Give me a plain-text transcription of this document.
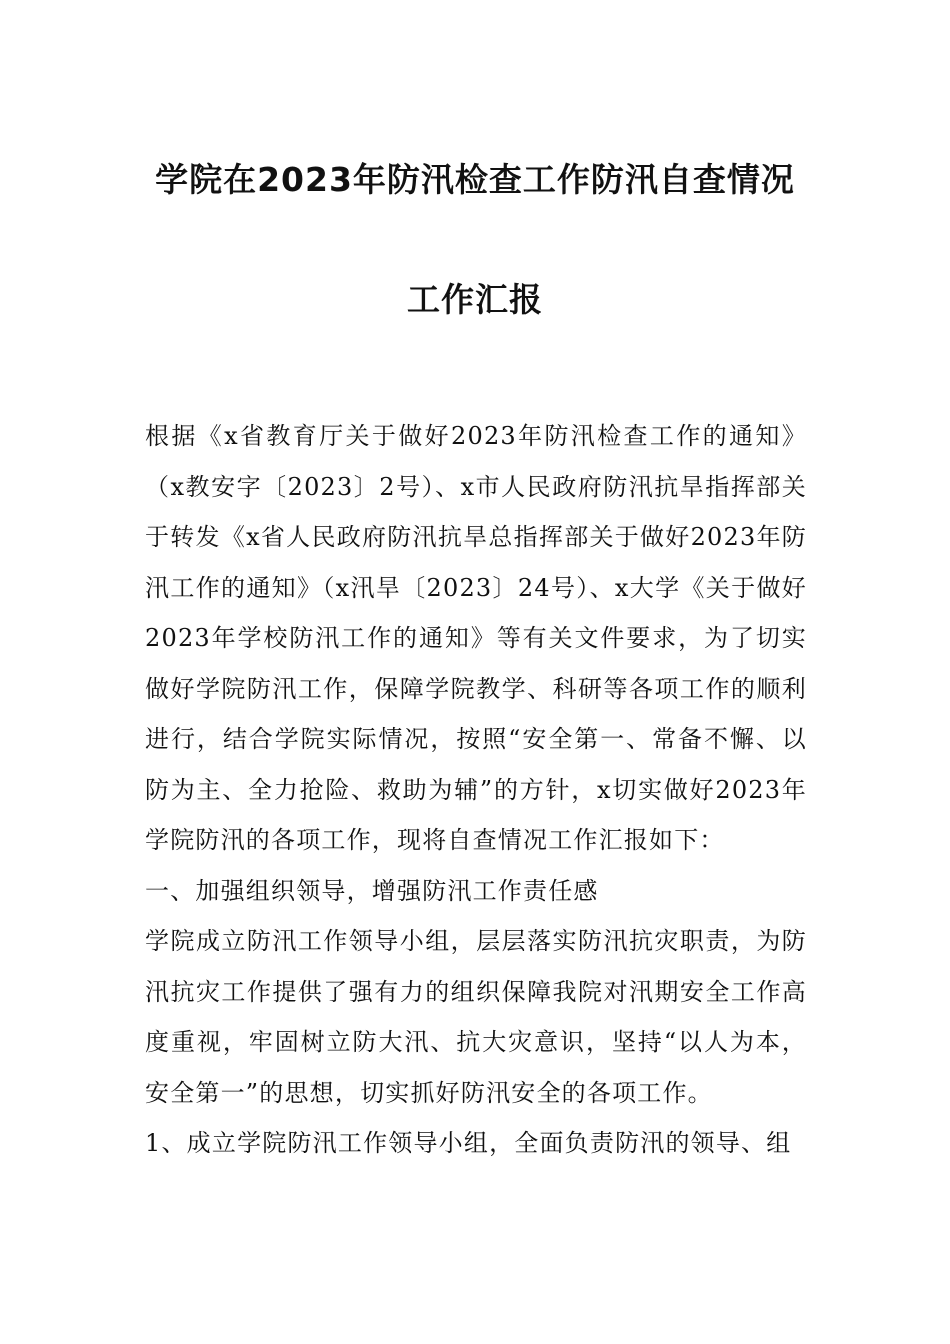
学院在2023年防汛检查工作防汛自查情况
工作汇报

根据《x省教育厅关于做好2023年防汛检查工作的通知》（x教安字〔2023〕2号）、x市人民政府防汛抗旱指挥部关于转发《x省人民政府防汛抗旱总指挥部关于做好2023年防汛工作的通知》（x汛旱〔2023〕24号）、x大学《关于做好2023年学校防汛工作的通知》等有关文件要求，为了切实做好学院防汛工作，保障学院教学、科研等各项工作的顺利进行，结合学院实际情况，按照“安全第一、常备不懈、以防为主、全力抢险、救助为辅”的方针，x切实做好2023年学院防汛的各项工作，现将自查情况工作汇报如下：

一、加强组织领导，增强防汛工作责任感

学院成立防汛工作领导小组，层层落实防汛抗灾职责，为防汛抗灾工作提供了强有力的组织保障我院对汛期安全工作高度重视，牢固树立防大汛、抗大灾意识，坚持“以人为本，安全第一”的思想，切实抓好防汛安全的各项工作。

1、成立学院防汛工作领导小组，全面负责防汛的领导、组
